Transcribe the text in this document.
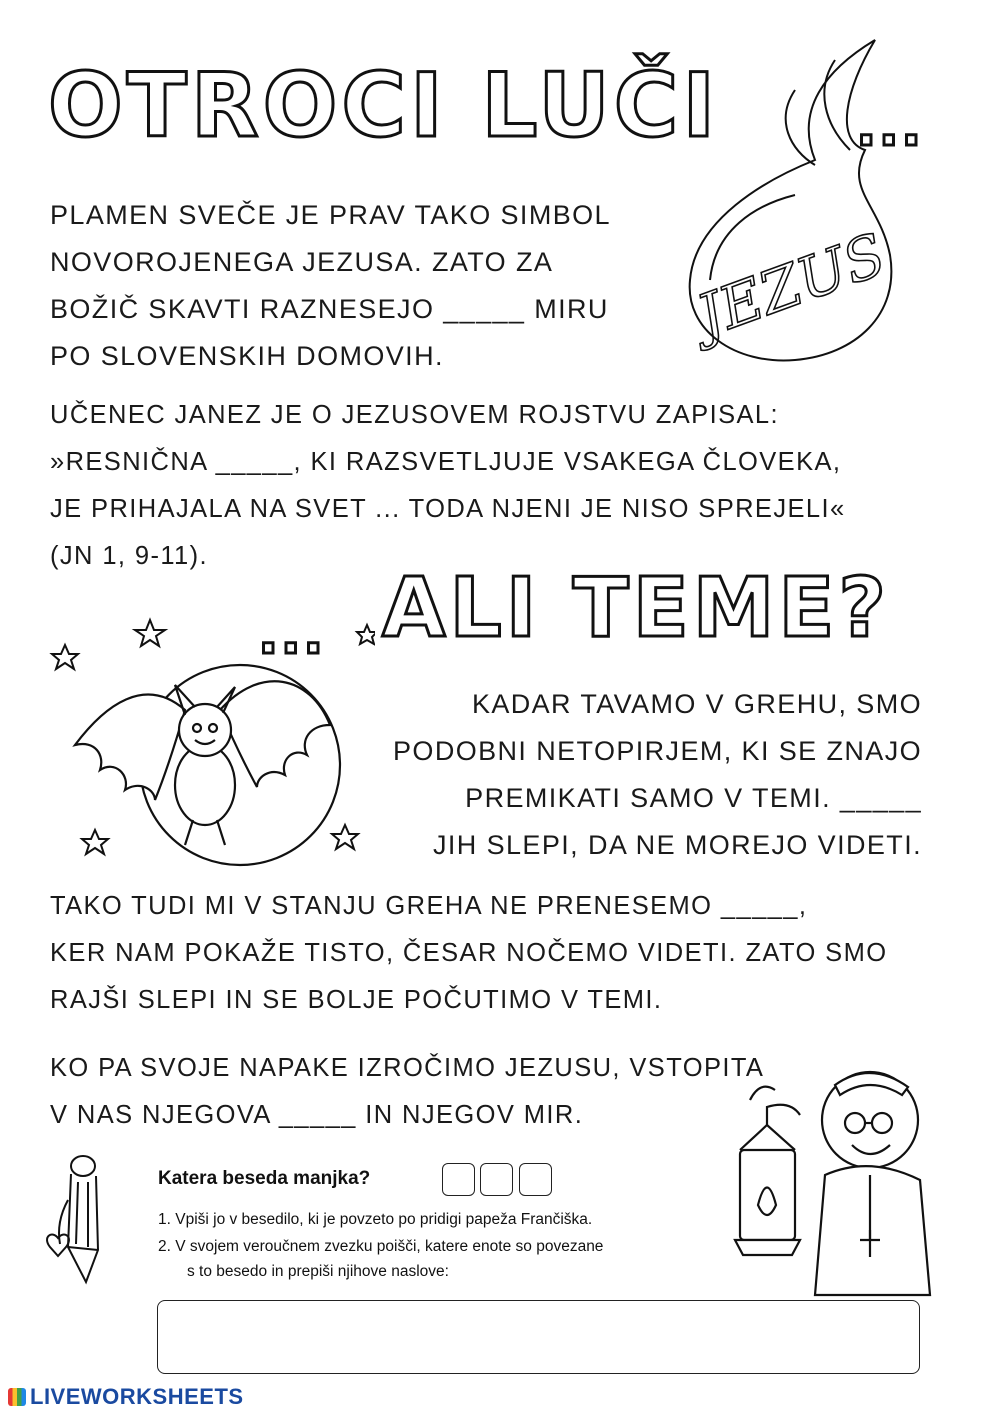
OTROCI LUČI	...
JEZUS
PLAMEN SVEČE JE PRAV TAKO SIMBOL
NOVOROJENEGA JEZUSA. ZATO ZA
BOŽIČ SKAVTI RAZNESEJO _____ MIRU
PO SLOVENSKIH DOMOVIH.
UČENEC JANEZ JE O JEZUSOVEM ROJSTVU ZAPISAL:
»RESNIČNA _____, KI RAZSVETLJUJE VSAKEGA ČLOVEKA,
JE PRIHAJALA NA SVET ... TODA NJENI JE NISO SPREJELI«
(JN 1, 9-11).
... ALI TEME?
KADAR TAVAMO V GREHU, SMO
PODOBNI NETOPIRJEM, KI SE ZNAJO
PREMIKATI SAMO V TEMI. _____
JIH SLEPI, DA NE MOREJO VIDETI.
TAKO TUDI MI V STANJU GREHA NE PRENESEMO _____,
KER NAM POKAŽE TISTO, ČESAR NOČEMO VIDETI. ZATO SMO
RAJŠI SLEPI IN SE BOLJE POČUTIMO V TEMI.
KO PA SVOJE NAPAKE IZROČIMO JEZUSU, VSTOPITA
V NAS NJEGOVA _____ IN NJEGOV MIR.
Katera beseda manjka?
1. Vpiši jo v besedilo, ki je povzeto po pridigi papeža Frančiška.
2. V svojem veroučnem zvezku poišči, katere enote so povezane
s to besedo in prepiši njihove naslove:
LIVEWORKSHEETS
